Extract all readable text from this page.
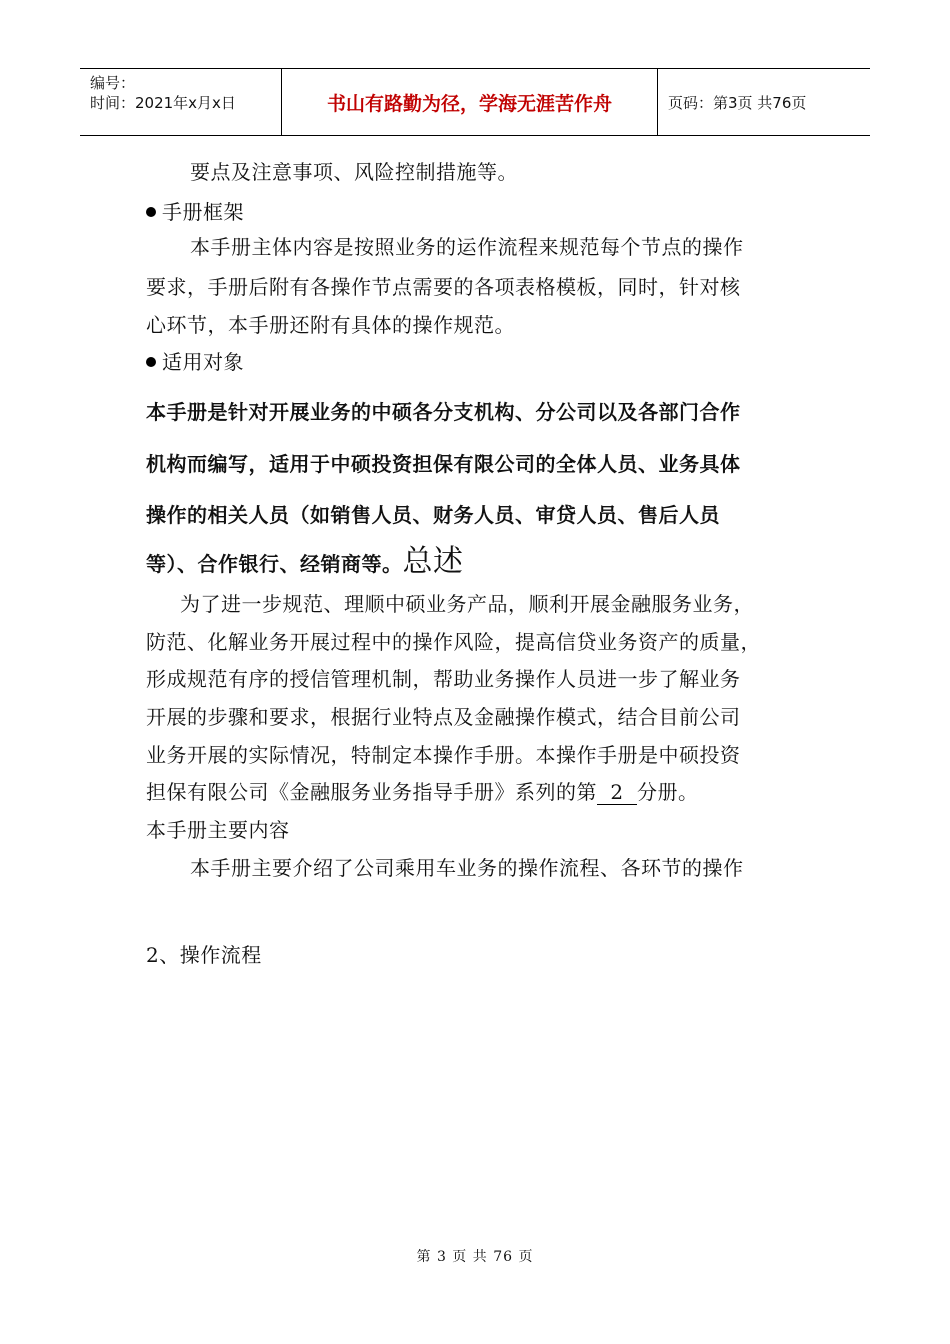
编号：
时间：2021年x月x日	书山有路勤为径，学海无涯苦作舟	页码：第3页 共76页
要点及注意事项、风险控制措施等。
手册框架
本手册主体内容是按照业务的运作流程来规范每个节点的操作
要求，手册后附有各操作节点需要的各项表格模板，同时，针对核
心环节，本手册还附有具体的操作规范。
适用对象
本手册是针对开展业务的中硕各分支机构、分公司以及各部门合作
机构而编写，适用于中硕投资担保有限公司的全体人员、业务具体
操作的相关人员（如销售人员、财务人员、审贷人员、售后人员
等）、合作银行、经销商等。总述
为了进一步规范、理顺中硕业务产品，顺利开展金融服务业务，
防范、化解业务开展过程中的操作风险，提高信贷业务资产的质量，
形成规范有序的授信管理机制，帮助业务操作人员进一步了解业务
开展的步骤和要求，根据行业特点及金融操作模式，结合目前公司
业务开展的实际情况，特制定本操作手册。本操作手册是中硕投资
担保有限公司《金融服务业务指导手册》系列的第 2 分册。
本手册主要内容
本手册主要介绍了公司乘用车业务的操作流程、各环节的操作
2、操作流程
第 3 页 共 76 页
